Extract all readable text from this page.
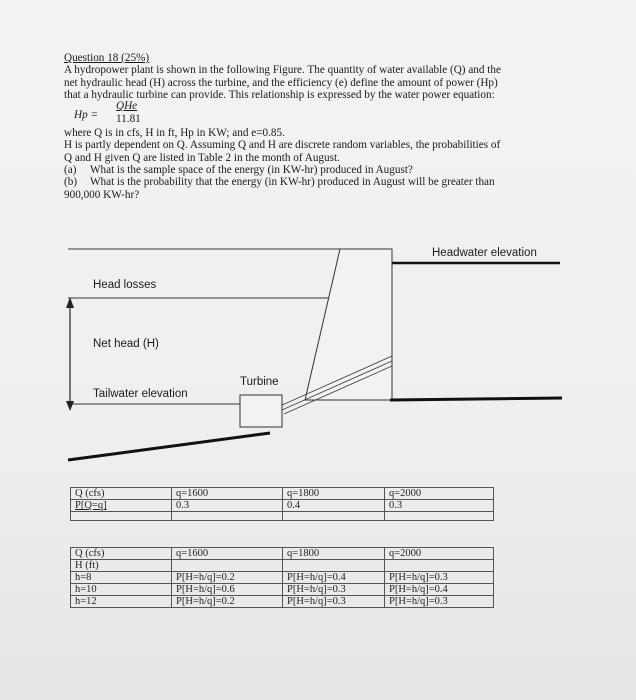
Question 18 (25%)
A hydropower plant is shown in the following Figure. The quantity of water available (Q) and the
net hydraulic head (H) across the turbine, and the efficiency (e) define the amount of power (Hp)
that a hydraulic turbine can provide. This relationship is expressed by the water power equation:
Hp =
QHe
11.81
where Q is in cfs, H in ft, Hp in KW; and e=0.85.
H is partly dependent on Q. Assuming Q and H are discrete random variables, the probabilities of
Q and H given Q are listed in Table 2 in the month of August.
(a)	What is the sample space of the energy (in KW-hr) produced in August?
(b)	What is the probability that the energy (in KW-hr) produced in August will be greater than
900,000 KW-hr?
Headwater elevation
Head losses
Net head (H)
Turbine
Tailwater elevation
Q (cfs)	q=1600	q=1800	q=2000
P[Q=q]	0.3	0.4	0.3

Q (cfs)	q=1600	q=1800	q=2000
H (ft)			
h=8	P[H=h/q]=0.2	P[H=h/q]=0.4	P[H=h/q]=0.3
h=10	P[H=h/q]=0.6	P[H=h/q]=0.3	P[H=h/q]=0.4
h=12	P[H=h/q]=0.2	P[H=h/q]=0.3	P[H=h/q]=0.3
